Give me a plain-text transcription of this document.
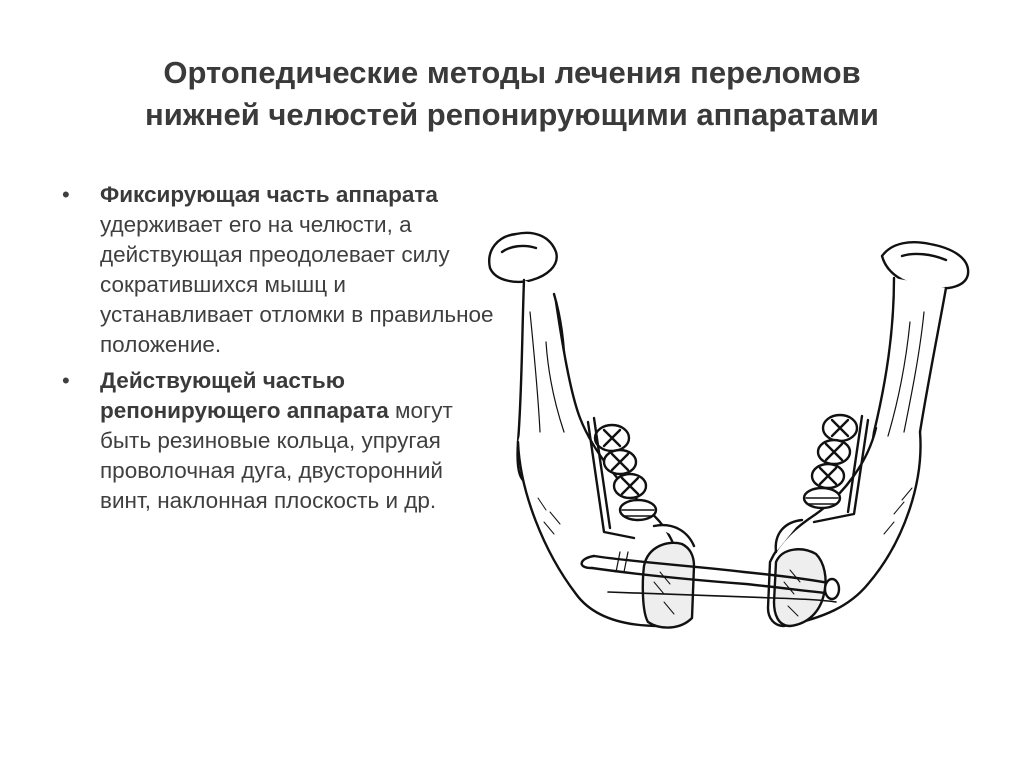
Ортопедические методы лечения переломов
нижней челюстей репонирующими аппаратами
• Фиксирующая часть аппарата удерживает его на челюсти, а действующая преодолевает силу сократившихся мышц и устанавливает отломки в правильное положение.
• Действующей частью репонирующего аппарата могут быть резиновые кольца, упругая проволочная дуга, двусторонний винт, наклонная плоскость и др.
